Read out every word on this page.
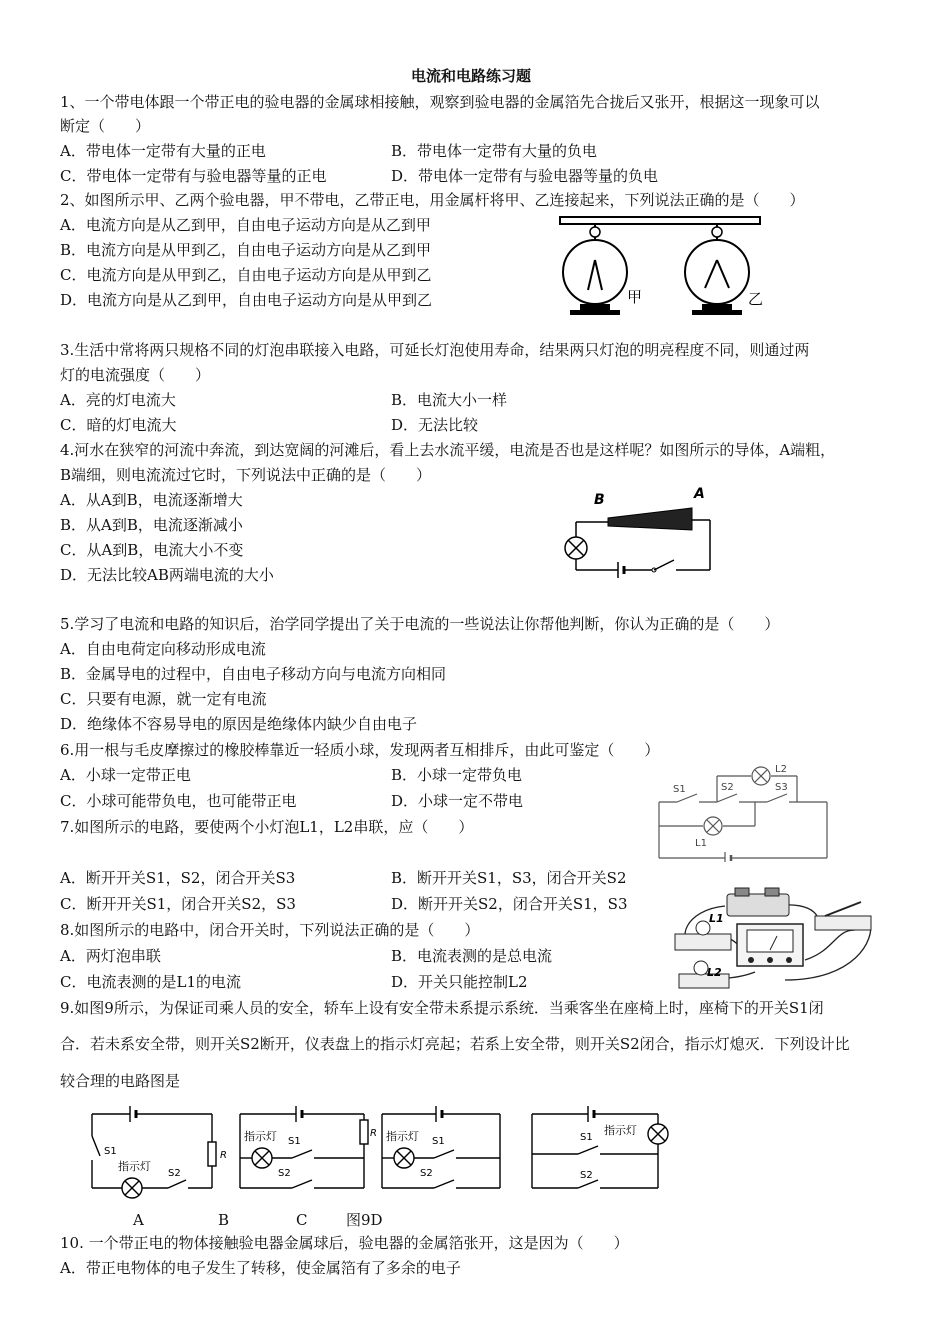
电流和电路练习题
1、一个带电体跟一个带正电的验电器的金属球相接触，观察到验电器的金属箔先合拢后又张开，根据这一现象可以
断定（　　）
A．带电体一定带有大量的正电	B．带电体一定带有大量的负电
C．带电体一定带有与验电器等量的正电	D．带电体一定带有与验电器等量的负电
2、如图所示甲、乙两个验电器，甲不带电，乙带正电，用金属杆将甲、乙连接起来，下列说法正确的是（　　）
A．电流方向是从乙到甲，自由电子运动方向是从乙到甲
B．电流方向是从甲到乙，自由电子运动方向是从乙到甲
C．电流方向是从甲到乙，自由电子运动方向是从甲到乙
D．电流方向是从乙到甲，自由电子运动方向是从甲到乙	甲	乙
3.生活中常将两只规格不同的灯泡串联接入电路，可延长灯泡使用寿命，结果两只灯泡的明亮程度不同，则通过两
灯的电流强度（　　）
A．亮的灯电流大	B．电流大小一样
C．暗的灯电流大	D．无法比较
4.河水在狭窄的河流中奔流，到达宽阔的河滩后，看上去水流平缓，电流是否也是这样呢？如图所示的导体，A端粗，
B端细，则电流流过它时，下列说法中正确的是（　　）
A．从A到B，电流逐渐增大
B．从A到B，电流逐渐减小
C．从A到B，电流大小不变
D．无法比较AB两端电流的大小
B	A
5.学习了电流和电路的知识后，治学同学提出了关于电流的一些说法让你帮他判断，你认为正确的是（　　）
A．自由电荷定向移动形成电流
B．金属导电的过程中，自由电子移动方向与电流方向相同
C．只要有电源，就一定有电流
D．绝缘体不容易导电的原因是绝缘体内缺少自由电子
6.用一根与毛皮摩擦过的橡胶棒靠近一轻质小球，发现两者互相排斥，由此可鉴定（　　）
A．小球一定带正电	B．小球一定带负电
C．小球可能带负电，也可能带正电	D．小球一定不带电
7.如图所示的电路，要使两个小灯泡L1，L2串联，应（　　）
A．断开开关S1，S2，闭合开关S3	B．断开开关S1，S3，闭合开关S2
C．断开开关S1，闭合开关S2，S3	D．断开开关S2，闭合开关S1，S3
S1	S2	S3
L2
L1
8.如图所示的电路中，闭合开关时，下列说法正确的是（　　）
A．两灯泡串联	B．电流表测的是总电流
C．电流表测的是L1的电流	D．开关只能控制L2
L1
L2
9.如图9所示，为保证司乘人员的安全，轿车上设有安全带未系提示系统．当乘客坐在座椅上时，座椅下的开关S1闭
合．若未系安全带，则开关S2断开，仪表盘上的指示灯亮起；若系上安全带，则开关S2闭合，指示灯熄灭．下列设计比
较合理的电路图是
S1
S2
指示灯
R
指示灯 S1
S2
R 指示灯 S1
S2
指示灯
S1
S2
A	B	C	图9D
10. 一个带正电的物体接触验电器金属球后，验电器的金属箔张开，这是因为（　　）
A．带正电物体的电子发生了转移，使金属箔有了多余的电子
